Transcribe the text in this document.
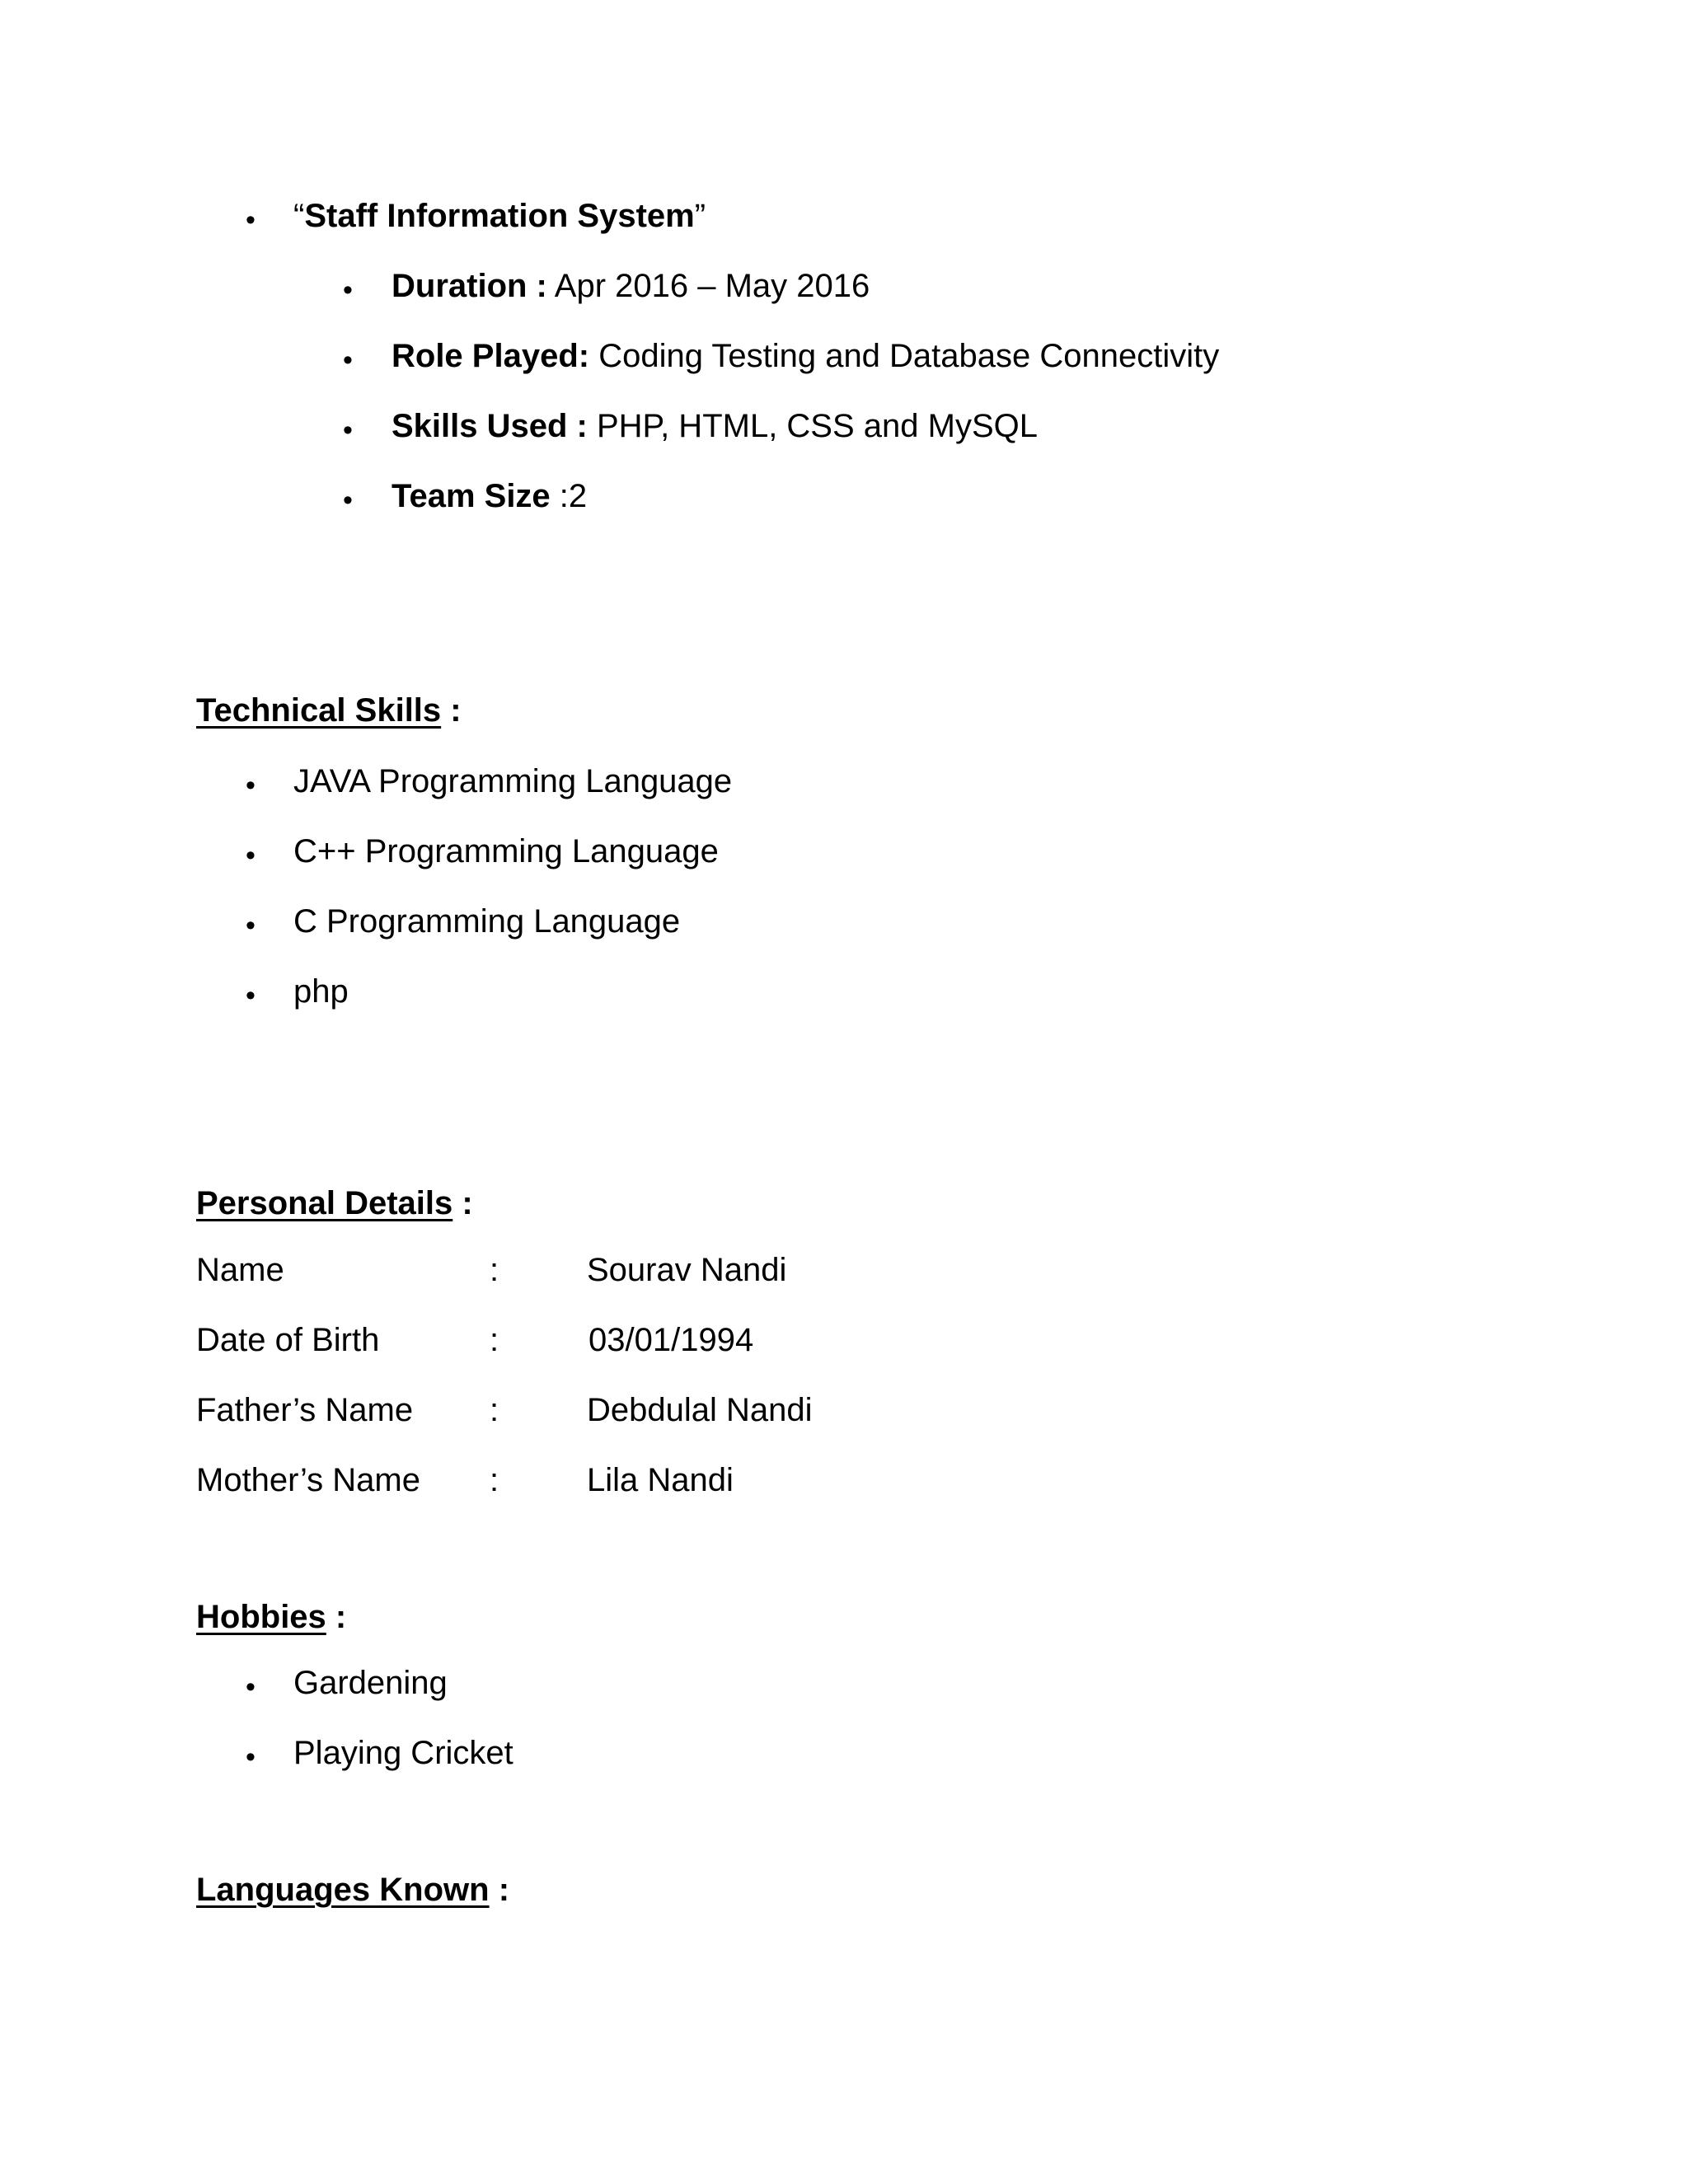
• “Staff Information System”
• Duration : Apr 2016 – May 2016
• Role Played: Coding Testing and Database Connectivity
• Skills Used : PHP, HTML, CSS and MySQL
• Team Size :2
Technical Skills :
• JAVA Programming Language
• C++ Programming Language
• C Programming Language
• php
Personal Details :
Name	:	Sourav Nandi
Date of Birth	:	03/01/1994
Father’s Name :	Debdulal Nandi
Mother’s Name :	Lila Nandi
Hobbies :
• Gardening
• Playing Cricket
Languages Known :
